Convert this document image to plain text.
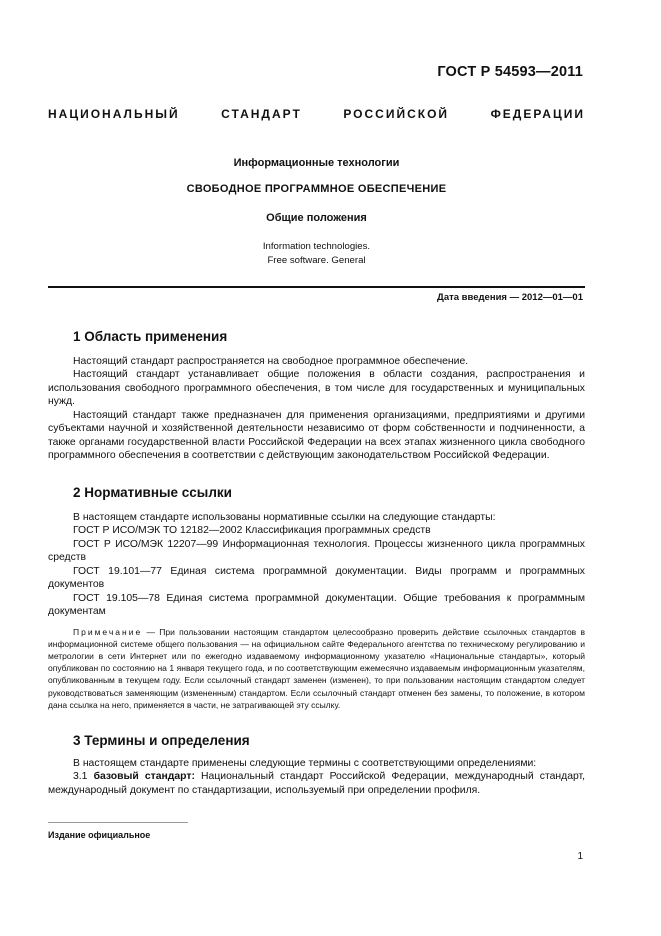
ГОСТ Р 54593—2011
НАЦИОНАЛЬНЫЙ	СТАНДАРТ	РОССИЙСКОЙ	ФЕДЕРАЦИИ
Информационные технологии
СВОБОДНОЕ ПРОГРАММНОЕ ОБЕСПЕЧЕНИЕ
Общие положения
Information technologies.
Free software. General
Дата введения — 2012—01—01
1 Область применения

Настоящий стандарт распространяется на свободное программное обеспечение.

Настоящий стандарт устанавливает общие положения в области создания, распространения и использования свободного программного обеспечения, в том числе для государственных и муниципальных нужд.

Настоящий стандарт также предназначен для применения организациями, предприятиями и другими субъектами научной и хозяйственной деятельности независимо от форм собственности и подчиненности, а также органами государственной власти Российской Федерации на всех этапах жизненного цикла свободного программного обеспечения в соответствии с действующим законодательством Российской Федерации.

2 Нормативные ссылки

В настоящем стандарте использованы нормативные ссылки на следующие стандарты:

ГОСТ Р ИСО/МЭК ТО 12182—2002 Классификация программных средств

ГОСТ Р ИСО/МЭК 12207—99 Информационная технология. Процессы жизненного цикла программных средств

ГОСТ 19.101—77 Единая система программной документации. Виды программ и программных документов

ГОСТ 19.105—78 Единая система программной документации. Общие требования к программным документам

Примечание — При пользовании настоящим стандартом целесообразно проверить действие ссылочных стандартов в информационной системе общего пользования — на официальном сайте Федерального агентства по техническому регулированию и метрологии в сети Интернет или по ежегодно издаваемому информационному указателю «Национальные стандарты», который опубликован по состоянию на 1 января текущего года, и по соответствующим ежемесячно издаваемым информационным указателям, опубликованным в текущем году. Если ссылочный стандарт заменен (изменен), то при пользовании настоящим стандартом следует руководствоваться заменяющим (измененным) стандартом. Если ссылочный стандарт отменен без замены, то положение, в котором дана ссылка на него, применяется в части, не затрагивающей эту ссылку.

3 Термины и определения

В настоящем стандарте применены следующие термины с соответствующими определениями:

3.1 базовый стандарт: Национальный стандарт Российской Федерации, международный стандарт, международный документ по стандартизации, используемый при определении профиля.

Издание официальное
1
